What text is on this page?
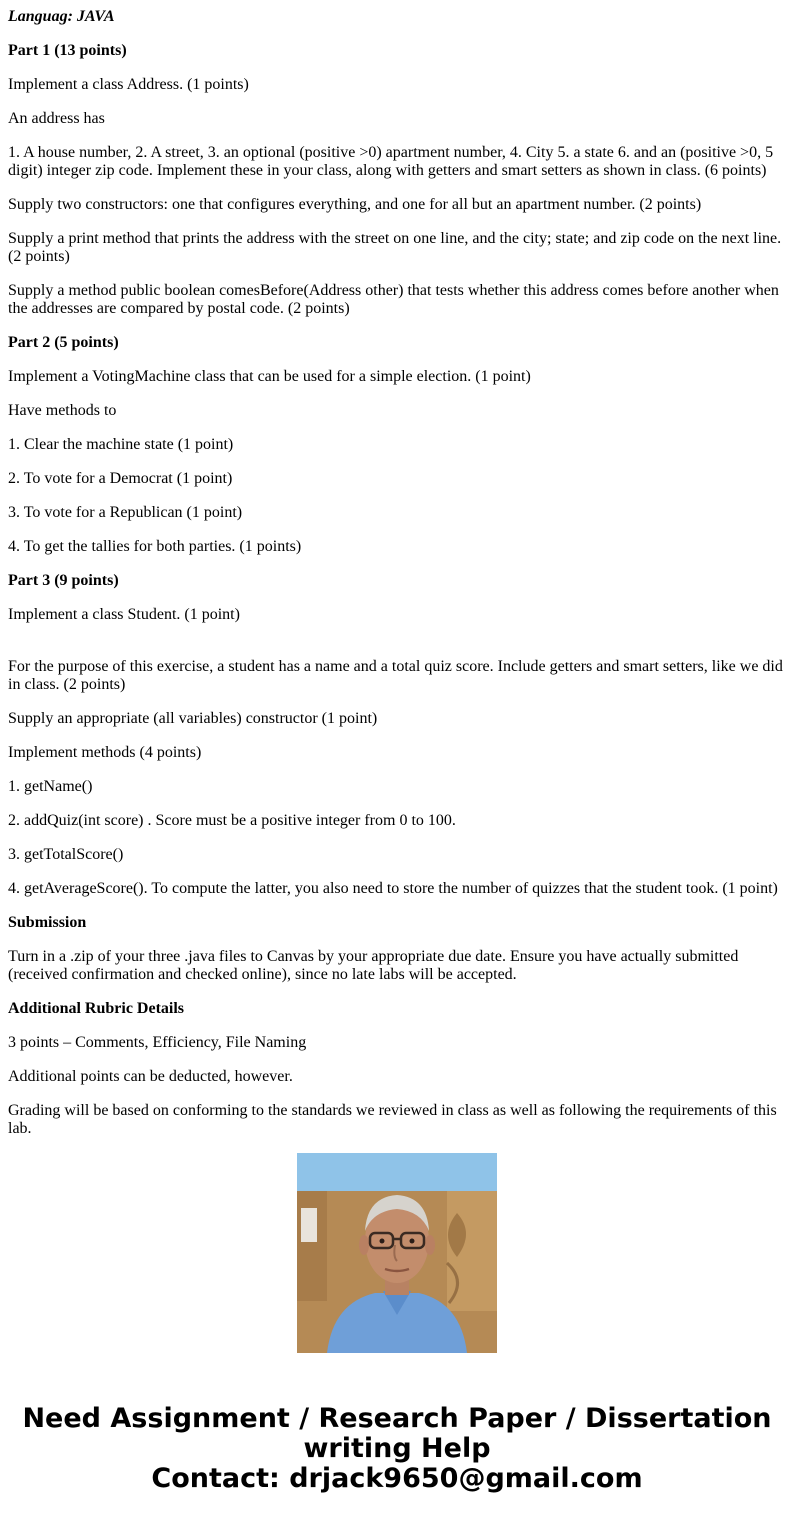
Languag: JAVA

Part 1 (13 points)

Implement a class Address. (1 points)

An address has

1. A house number, 2. A street, 3. an optional (positive >0) apartment number, 4. City 5. a state 6. and an (positive >0, 5 digit) integer zip code. Implement these in your class, along with getters and smart setters as shown in class. (6 points)

Supply two constructors: one that configures everything, and one for all but an apartment number. (2 points)

Supply a print method that prints the address with the street on one line, and the city; state; and zip code on the next line. (2 points)

Supply a method public boolean comesBefore(Address other) that tests whether this address comes before another when the addresses are compared by postal code. (2 points)

Part 2 (5 points)

Implement a VotingMachine class that can be used for a simple election. (1 point)

Have methods to

1. Clear the machine state (1 point)

2. To vote for a Democrat (1 point)

3. To vote for a Republican (1 point)

4. To get the tallies for both parties. (1 points)

Part 3 (9 points)

Implement a class Student. (1 point)

For the purpose of this exercise, a student has a name and a total quiz score. Include getters and smart setters, like we did in class. (2 points)

Supply an appropriate (all variables) constructor (1 point)

Implement methods (4 points)

1. getName()

2. addQuiz(int score) . Score must be a positive integer from 0 to 100.

3. getTotalScore()

4. getAverageScore(). To compute the latter, you also need to store the number of quizzes that the student took. (1 point)

Submission

Turn in a .zip of your three .java files to Canvas by your appropriate due date. Ensure you have actually submitted (received confirmation and checked online), since no late labs will be accepted.

Additional Rubric Details

3 points – Comments, Efficiency, File Naming

Additional points can be deducted, however.

Grading will be based on conforming to the standards we reviewed in class as well as following the requirements of this lab.

Need Assignment / Research Paper / Dissertation
writing Help
Contact: drjack9650@gmail.com
